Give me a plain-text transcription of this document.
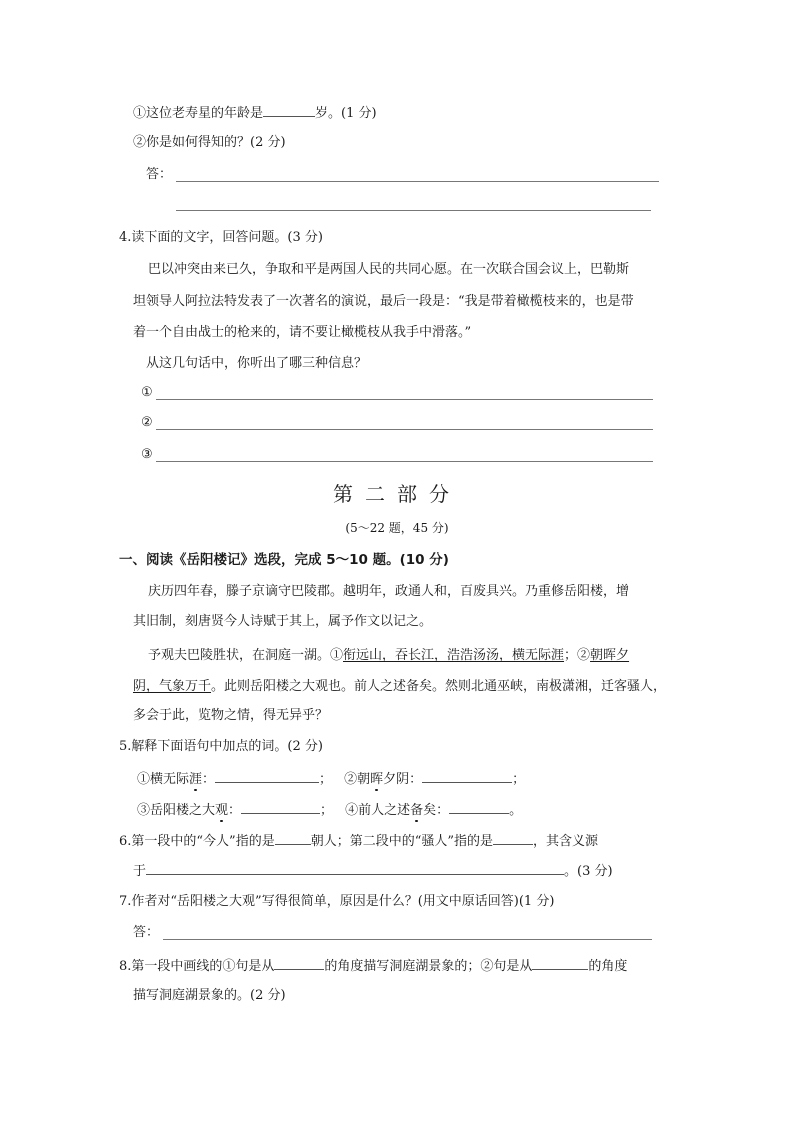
①这位老寿星的年龄是	岁。(1 分)
②你是如何得知的？(2 分)
答：
4.读下面的文字，回答问题。(3 分)
巴以冲突由来已久，争取和平是两国人民的共同心愿。在一次联合国会议上，巴勒斯
坦领导人阿拉法特发表了一次著名的演说，最后一段是：“我是带着橄榄枝来的，也是带
着一个自由战士的枪来的，请不要让橄榄枝从我手中滑落。”
从这几句话中，你听出了哪三种信息？
①
②
③
第二部分
(5～22 题，45 分)
一、阅读《岳阳楼记》选段，完成 5～10 题。(10 分)
庆历四年春，滕子京谪守巴陵郡。越明年，政通人和，百废具兴。乃重修岳阳楼，增
其旧制，刻唐贤今人诗赋于其上，属予作文以记之。
予观夫巴陵胜状，在洞庭一湖。①衔远山，吞长江，浩浩汤汤，横无际涯；②朝晖夕
阴，气象万千。此则岳阳楼之大观也。前人之述备矣。然则北通巫峡，南极潇湘，迁客骚人，
多会于此，览物之情，得无异乎？
5.解释下面语句中加点的词。(2 分)
①横无际涯：	； ②朝晖夕阴：	；
③岳阳楼之大观：	； ④前人之述备矣：	。
6.第一段中的“今人”指的是	朝人；第二段中的“骚人”指的是	，其含义源
于	。(3 分)
7.作者对“岳阳楼之大观”写得很简单，原因是什么？(用文中原话回答)(1 分)
答：
8.第一段中画线的①句是从	的角度描写洞庭湖景象的；②句是从	的角度
描写洞庭湖景象的。(2 分)
